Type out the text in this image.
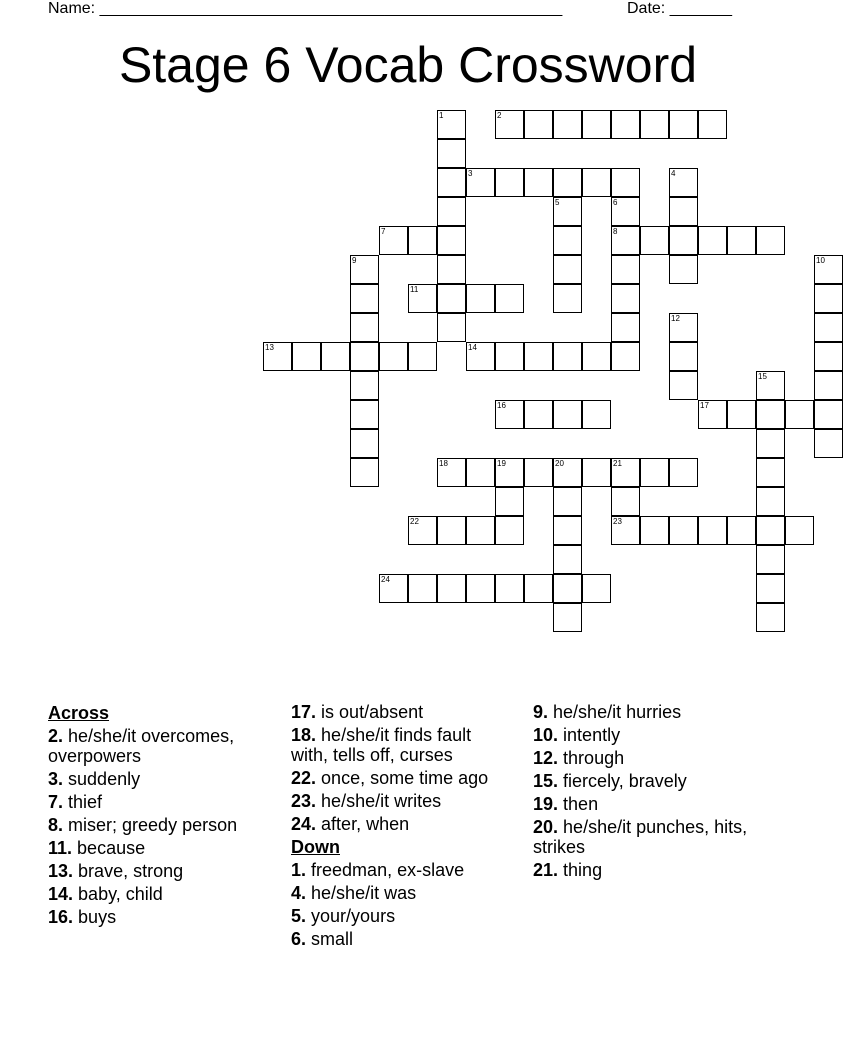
Name: ____________________________________________________	Date: _______
Stage 6 Vocab Crossword
2
3
7	8
11
13	14
16	17
18	19	20	21
22	23
24
1
4
5	6
9	10
12
15
Across
2. he/she/it overcomes, overpowers
3. suddenly
7. thief
8. miser; greedy person
11. because
13. brave, strong
14. baby, child
16. buys
17. is out/absent
18. he/she/it finds fault with, tells off, curses
22. once, some time ago
23. he/she/it writes
24. after, when
Down
1. freedman, ex-slave
4. he/she/it was
5. your/yours
6. small
9. he/she/it hurries
10. intently
12. through
15. fiercely, bravely
19. then
20. he/she/it punches, hits, strikes
21. thing
